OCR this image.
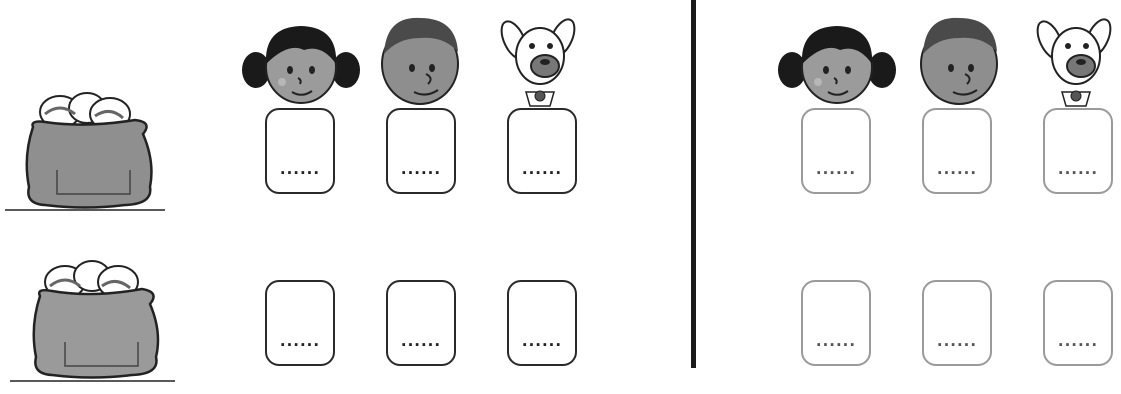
......	......	......
......	......	......
......	......	......
......	......	......
